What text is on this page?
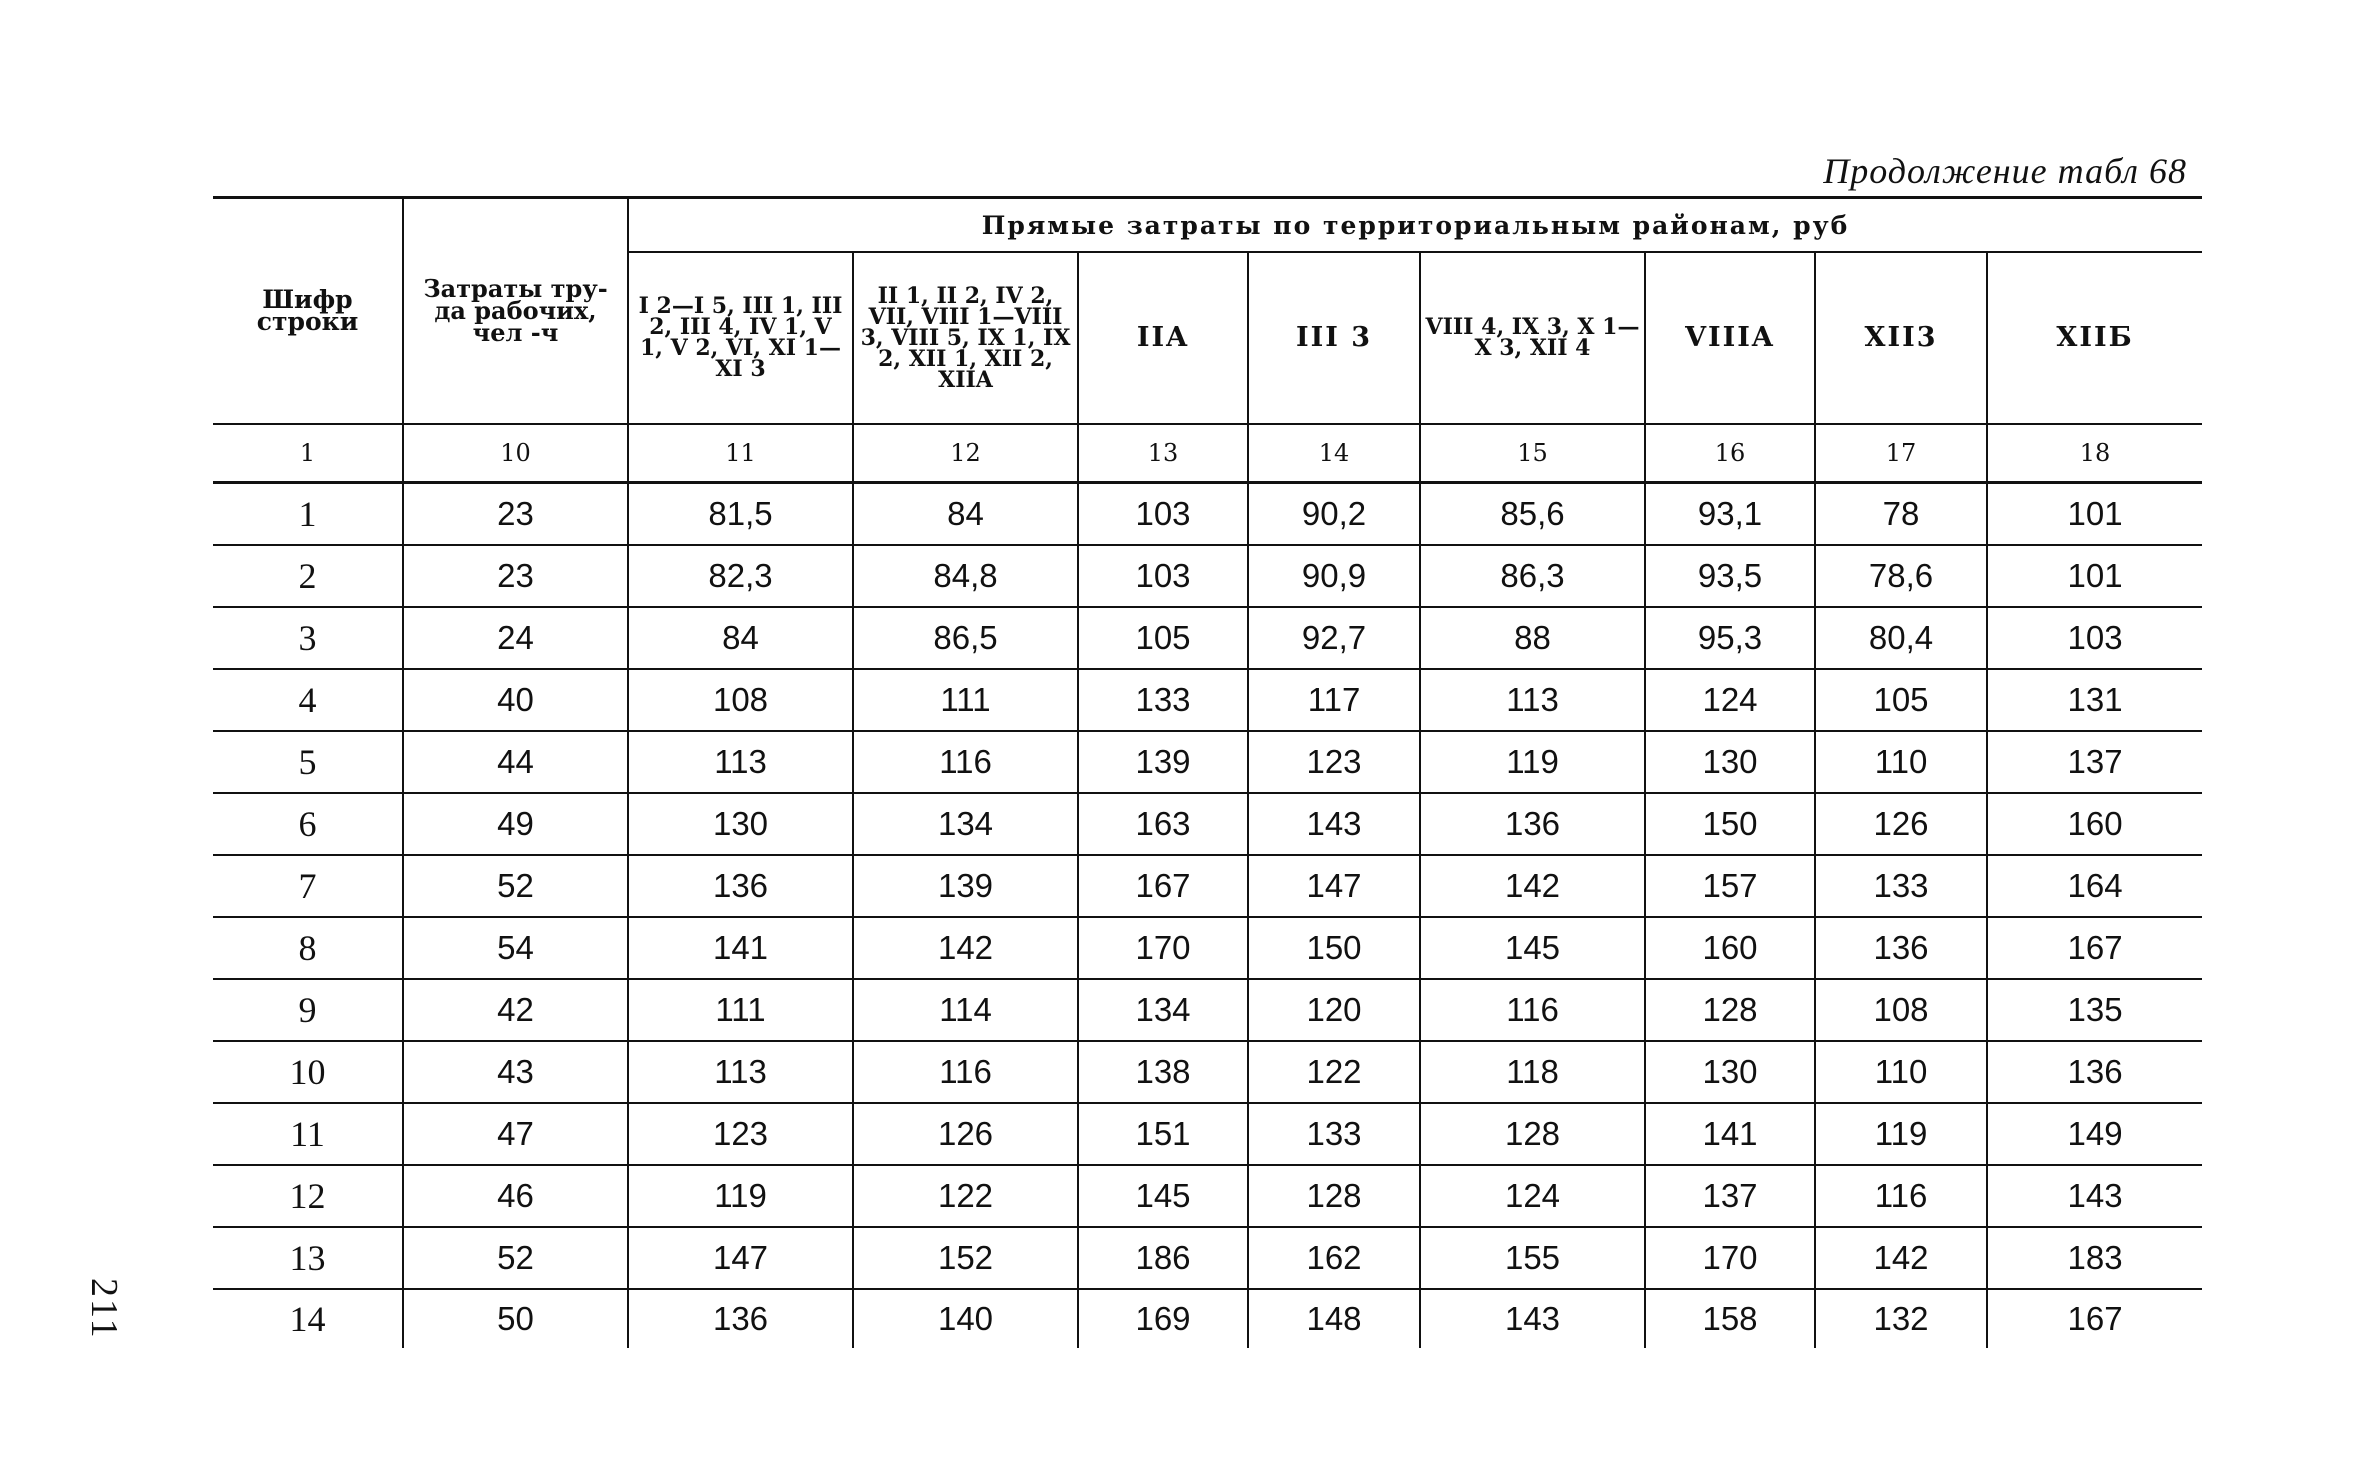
Продолжение табл 68
Шифр строки	Затраты тру-да рабочих, чел -ч	Прямые затраты по территориальным районам, руб							
		I 2—I 5, III 1, III 2, III 4, IV 1, V 1, V 2, VI, XI 1—XI 3	II 1, II 2, IV 2, VII, VIII 1—VIII 3, VIII 5, IX 1, IX 2, XII 1, XII 2, XIIA	IIA	III 3	VIII 4, IX 3, X 1—X 3, XII 4	VIIIA	XII3	XIIБ
1	10	11	12	13	14	15	16	17	18
1	23	81,5	84	103	90,2	85,6	93,1	78	101
2	23	82,3	84,8	103	90,9	86,3	93,5	78,6	101
3	24	84	86,5	105	92,7	88	95,3	80,4	103
4	40	108	111	133	117	113	124	105	131
5	44	113	116	139	123	119	130	110	137
6	49	130	134	163	143	136	150	126	160
7	52	136	139	167	147	142	157	133	164
8	54	141	142	170	150	145	160	136	167
9	42	111	114	134	120	116	128	108	135
10	43	113	116	138	122	118	130	110	136
11	47	123	126	151	133	128	141	119	149
12	46	119	122	145	128	124	137	116	143
13	52	147	152	186	162	155	170	142	183
14	50	136	140	169	148	143	158	132	167
211
